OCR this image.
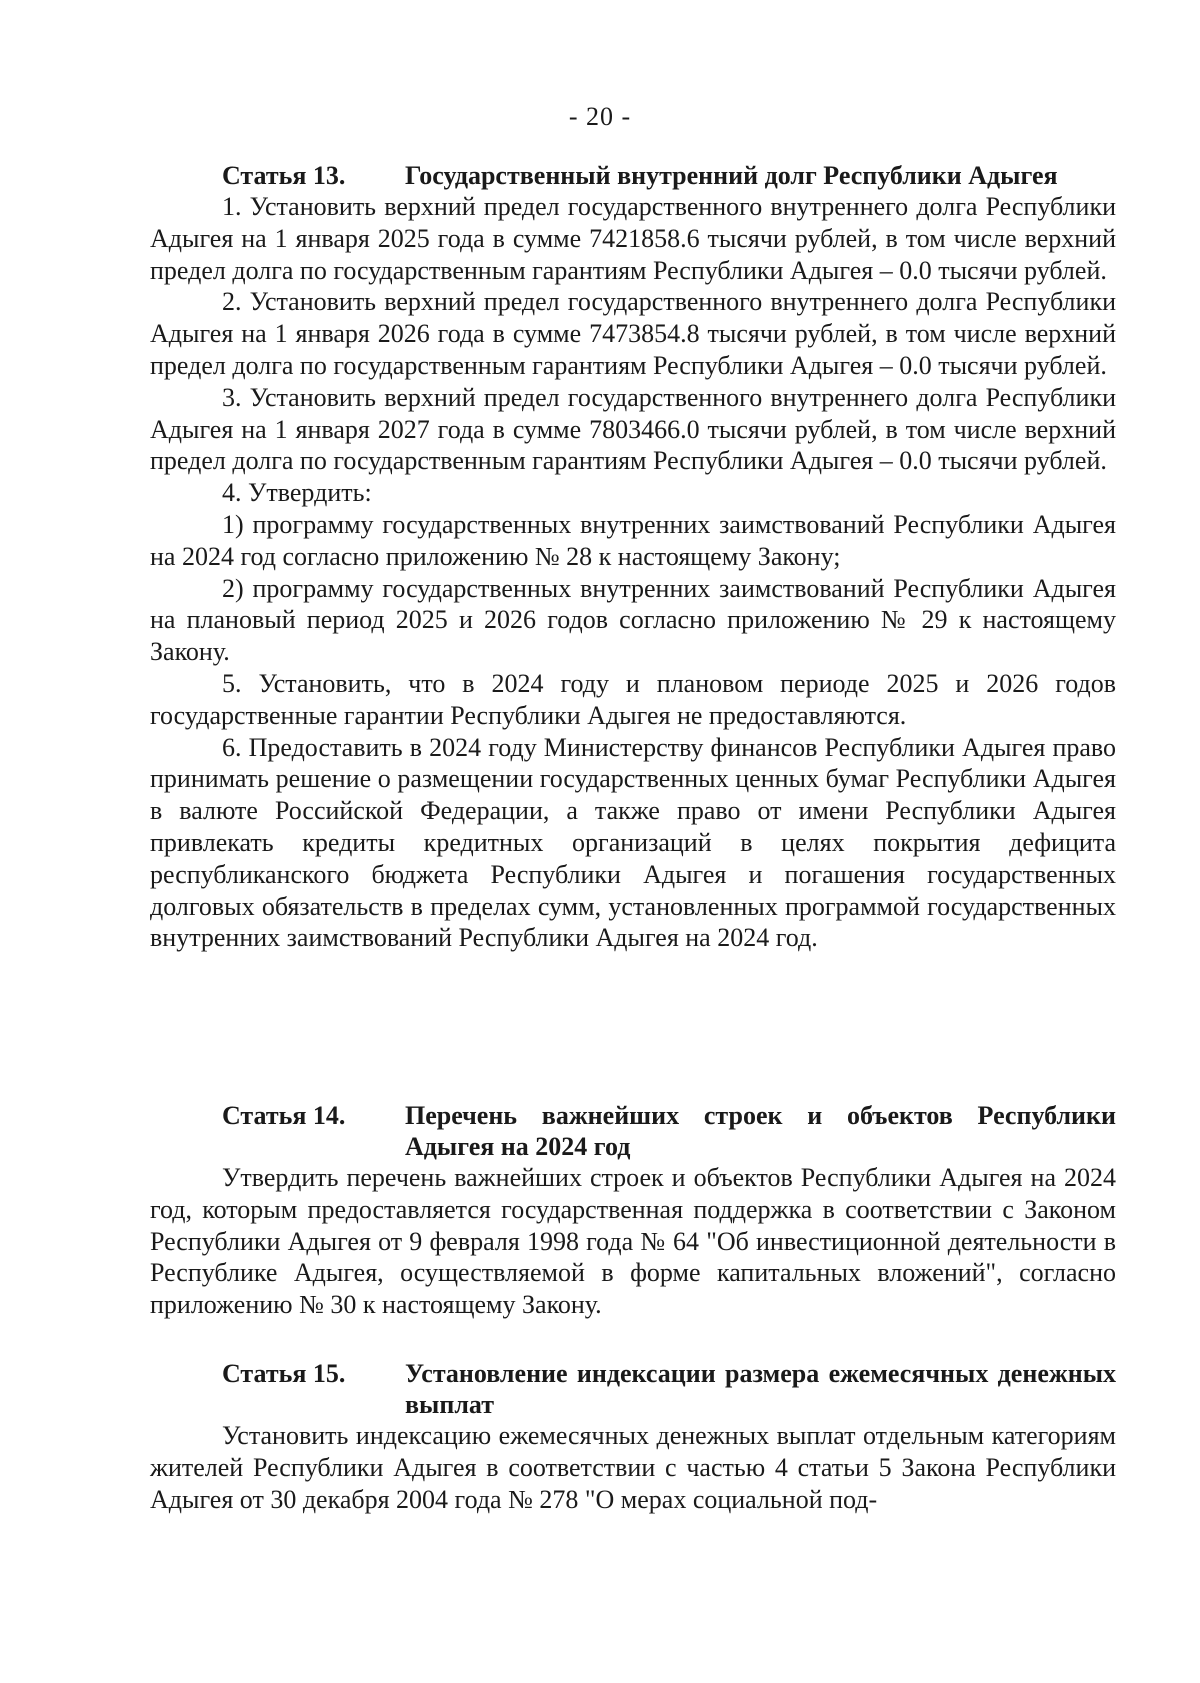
- 20 -
Статья 13.	Государственный внутренний долг Республики Адыгея

1. Установить верхний предел государственного внутреннего долга Республики Адыгея на 1 января 2025 года в сумме 7421858.6 тысячи рублей, в том числе верхний предел долга по государственным гарантиям Республики Адыгея – 0.0 тысячи рублей.

2. Установить верхний предел государственного внутреннего долга Республики Адыгея на 1 января 2026 года в сумме 7473854.8 тысячи рублей, в том числе верхний предел долга по государственным гарантиям Республики Адыгея – 0.0 тысячи рублей.

3. Установить верхний предел государственного внутреннего долга Республики Адыгея на 1 января 2027 года в сумме 7803466.0 тысячи рублей, в том числе верхний предел долга по государственным гарантиям Республики Адыгея – 0.0 тысячи рублей.

4. Утвердить:

1) программу государственных внутренних заимствований Республики Адыгея на 2024 год согласно приложению № 28 к настоящему Закону;

2) программу государственных внутренних заимствований Республики Адыгея на плановый период 2025 и 2026 годов согласно приложению № 29 к настоящему Закону.

5. Установить, что в 2024 году и плановом периоде 2025 и 2026 годов государственные гарантии Республики Адыгея не предоставляются.

6. Предоставить в 2024 году Министерству финансов Республики Адыгея право принимать решение о размещении государственных ценных бумаг Республики Адыгея в валюте Российской Федерации, а также право от имени Республики Адыгея привлекать кредиты кредитных организаций в целях покрытия дефицита республиканского бюджета Республики Адыгея и погашения государственных долговых обязательств в пределах сумм, установленных программой государственных внутренних заимствований Республики Адыгея на 2024 год.

Статья 14.	Перечень важнейших строек и объектов Республики Адыгея на 2024 год

Утвердить перечень важнейших строек и объектов Республики Адыгея на 2024 год, которым предоставляется государственная поддержка в соответствии с Законом Республики Адыгея от 9 февраля 1998 года № 64 "Об инвестиционной деятельности в Республике Адыгея, осуществляемой в форме капитальных вложений", согласно приложению № 30 к настоящему Закону.

Статья 15.	Установление индексации размера ежемесячных денежных выплат

Установить индексацию ежемесячных денежных выплат отдельным категориям жителей Республики Адыгея в соответствии с частью 4 статьи 5 Закона Республики Адыгея от 30 декабря 2004 года № 278 "О мерах социальной под-
